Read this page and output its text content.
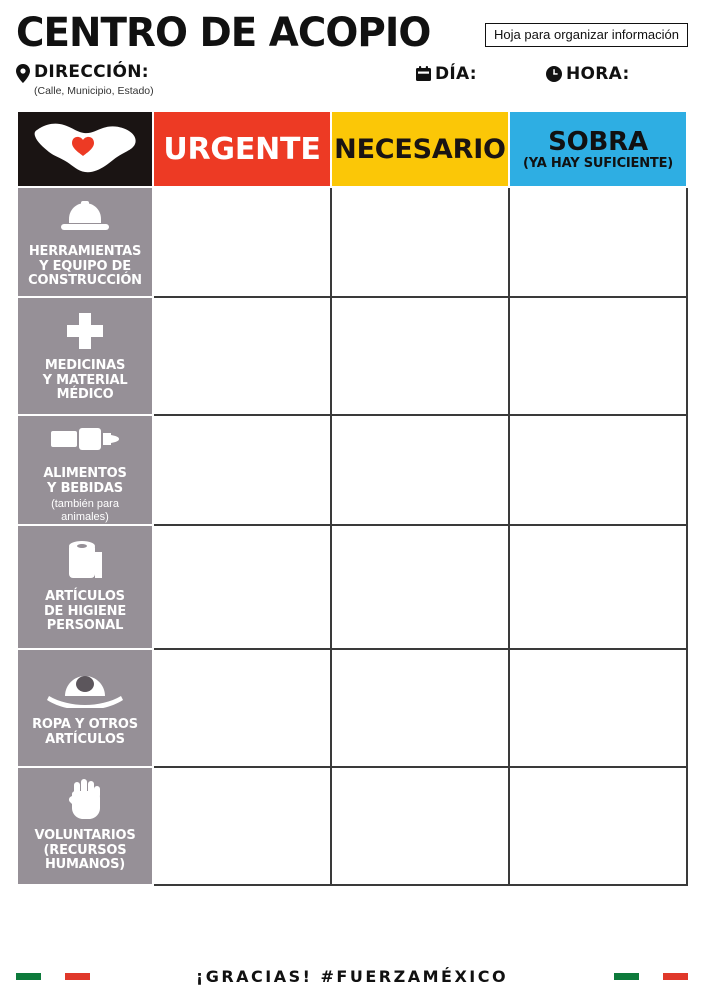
CENTRO DE ACOPIO	Hoja para organizar información
DIRECCIÓN:
(Calle, Municipio, Estado)
DÍA:	HORA:
	URGENTE	NECESARIO	SOBRA
(YA HAY SUFICIENTE)

HERRAMIENTAS
Y EQUIPO DE
CONSTRUCCIÓN			

MEDICINAS
Y MATERIAL
MÉDICO			

ALIMENTOS
Y BEBIDAS
(también para
animales)			

ARTÍCULOS
DE HIGIENE
PERSONAL			

ROPA Y OTROS
ARTÍCULOS			

VOLUNTARIOS
(RECURSOS
HUMANOS)			

¡GRACIAS! #FUERZAMÉXICO
